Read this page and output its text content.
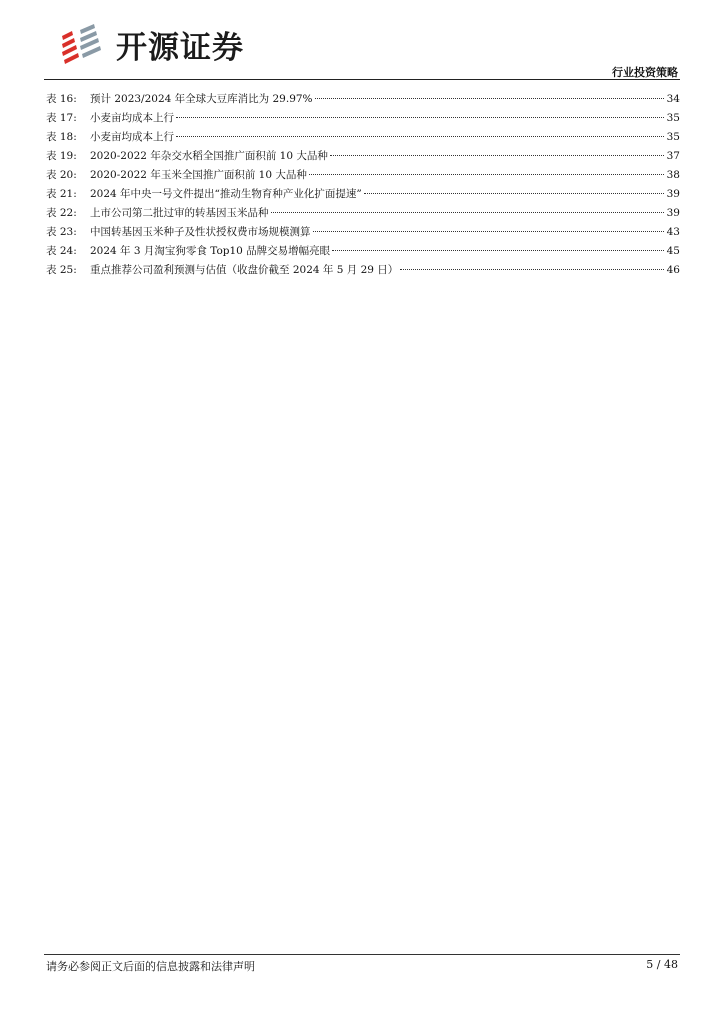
开源证券
行业投资策略
表 16:	预计 2023/2024 年全球大豆库消比为 29.97%	34
表 17:	小麦亩均成本上行	35
表 18:	小麦亩均成本上行	35
表 19:	2020-2022 年杂交水稻全国推广面积前 10 大品种	37
表 20:	2020-2022 年玉米全国推广面积前 10 大品种	38
表 21:	2024 年中央一号文件提出“推动生物育种产业化扩面提速”	39
表 22:	上市公司第二批过审的转基因玉米品种	39
表 23:	中国转基因玉米种子及性状授权费市场规模测算	43
表 24:	2024 年 3 月淘宝狗零食 Top10 品牌交易增幅亮眼	45
表 25:	重点推荐公司盈利预测与估值（收盘价截至 2024 年 5 月 29 日）	46
请务必参阅正文后面的信息披露和法律声明	5 / 48
